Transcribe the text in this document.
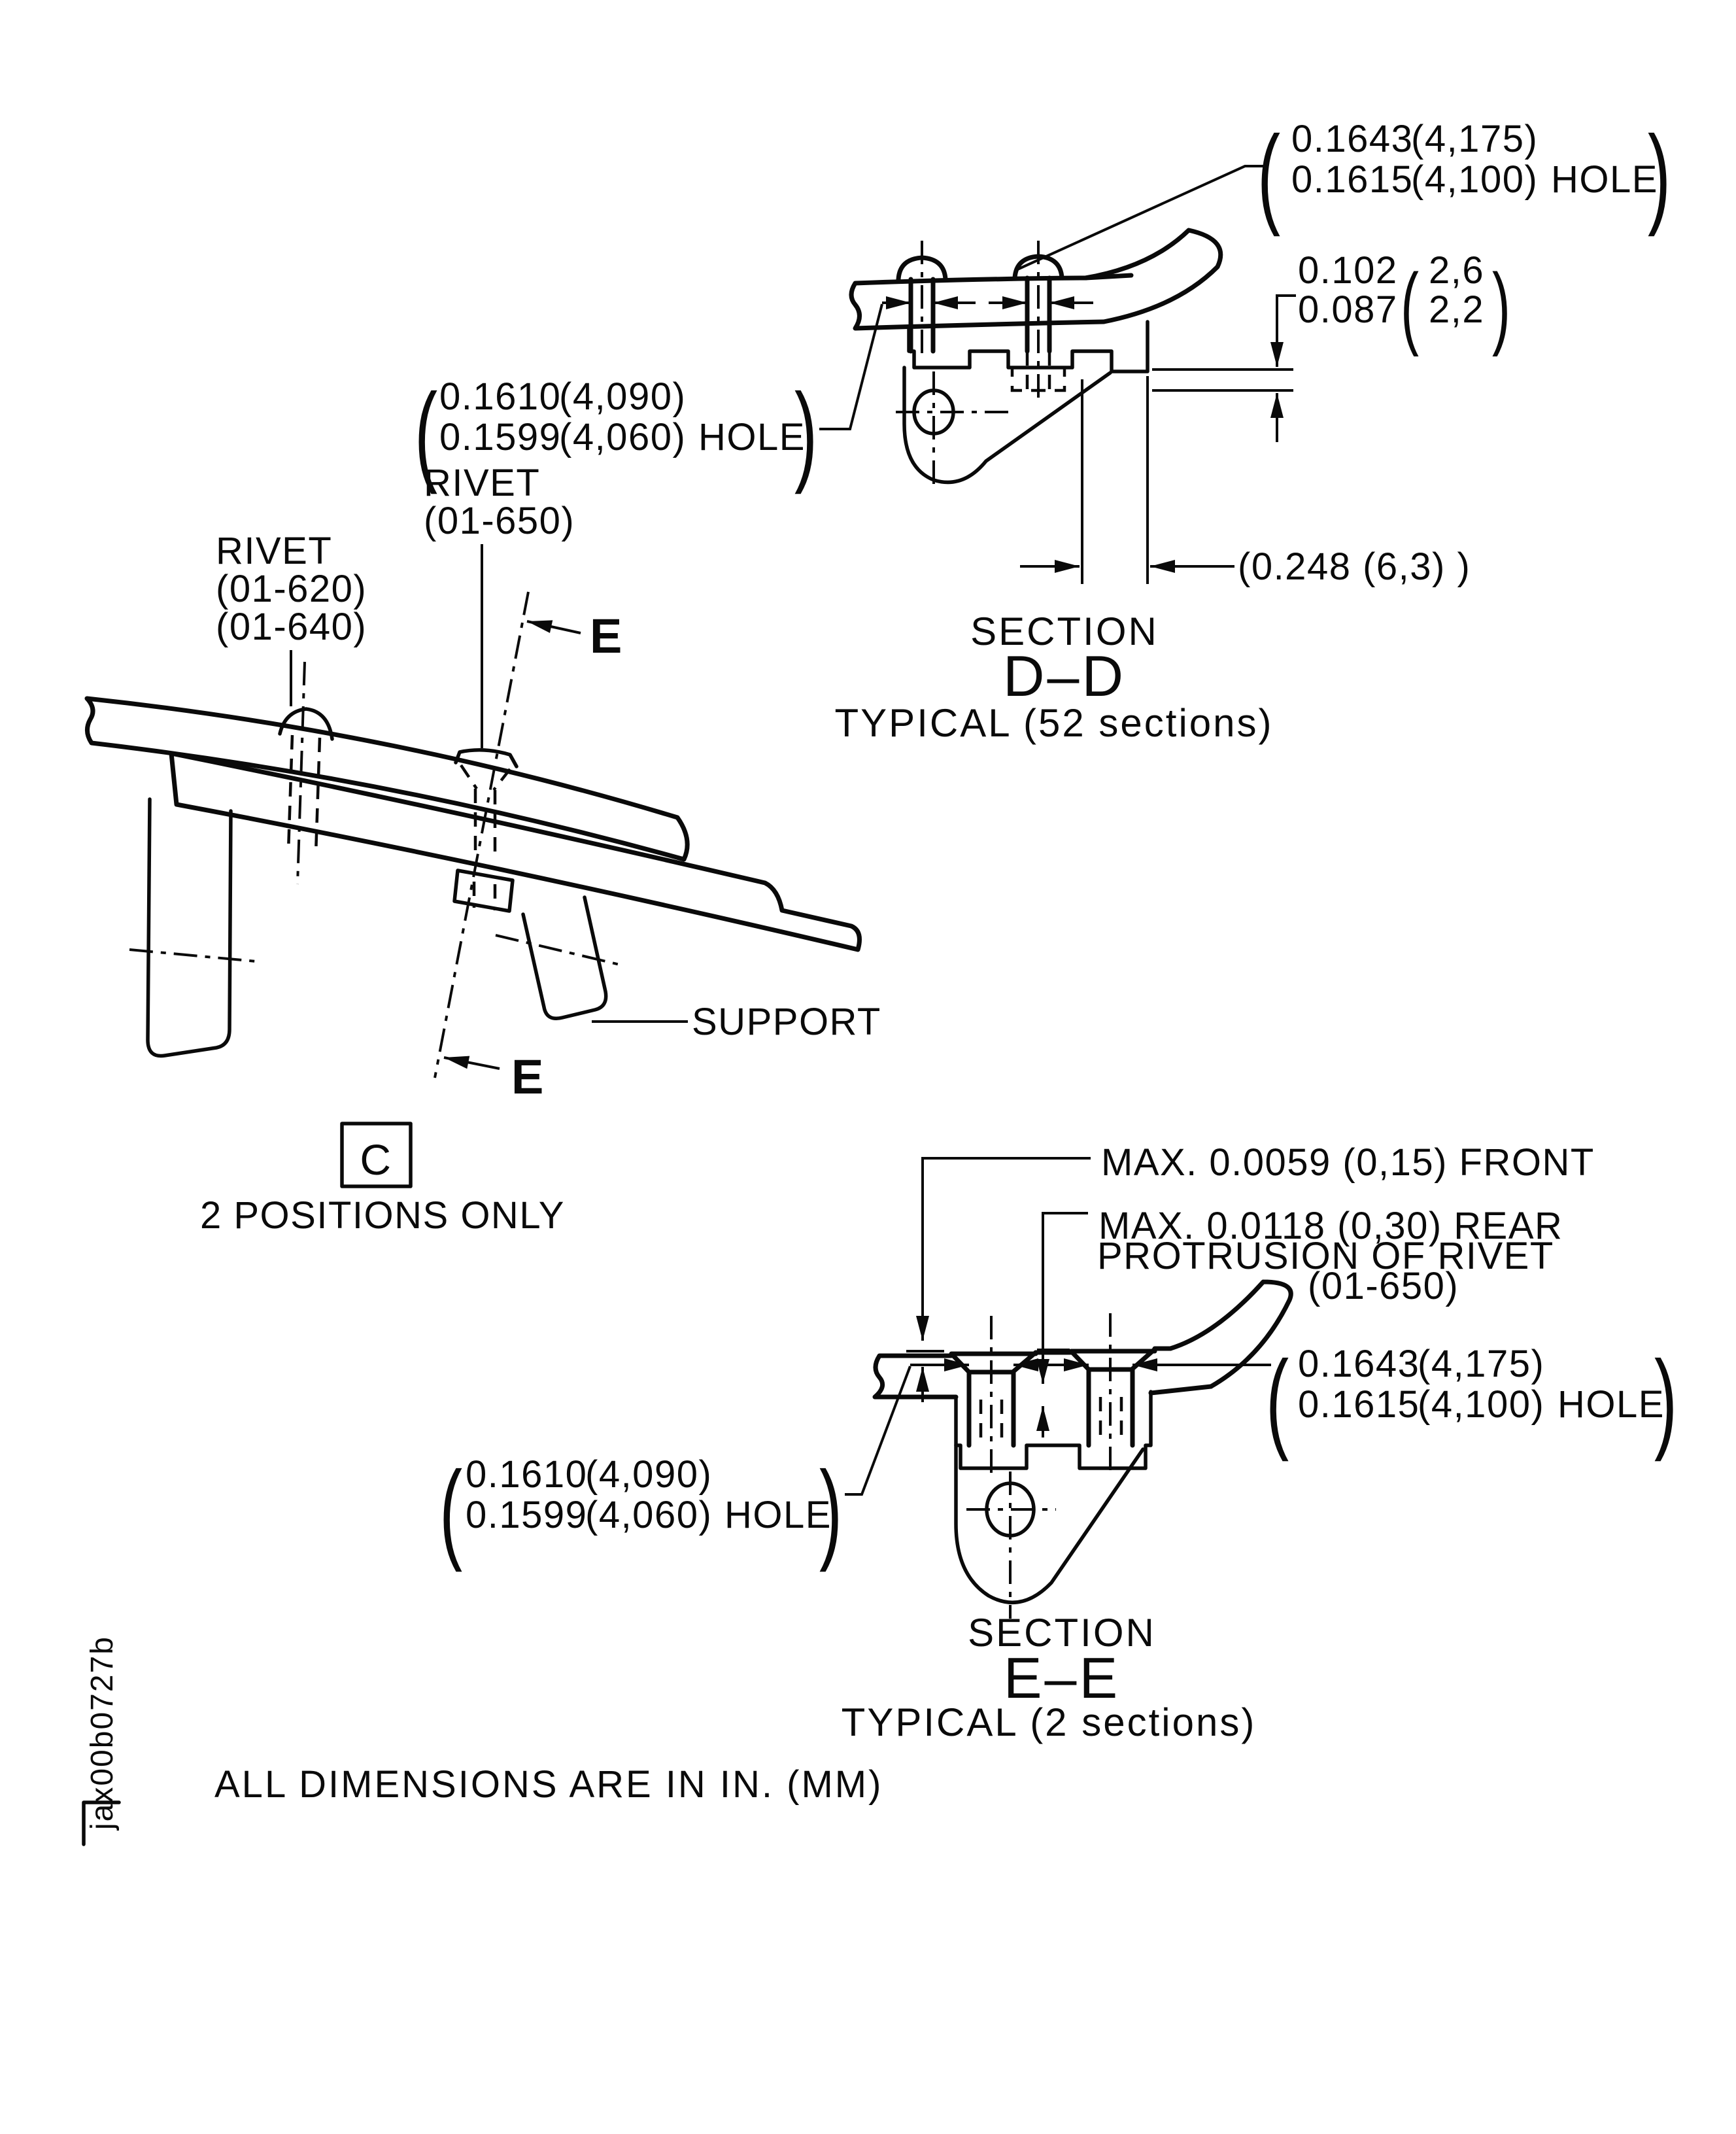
( 0.1643
(4,175)
0.1615
(4,100) HOLE
)
( 0.1610
(4,090)
0.1599
(4,060) HOLE
)
0.102
0.087 ( 2,6
2,2 )
(0.248 (6,3) )
SECTION
D–D
TYPICAL (52 sections)
E
E
RIVET
(01-620)
(01-640)
RIVET
(01-650)
SUPPORT
C
2 POSITIONS ONLY
MAX. 0.0059 (0,15) FRONT
MAX. 0.0118 (0,30) REAR
PROTRUSION OF RIVET
(01-650)
( 0.1643
(4,175)
0.1615
(4,100) HOLE
)
( 0.1610
(4,090)
0.1599
(4,060) HOLE
)
SECTION
E–E
TYPICAL (2 sections)
jax00b0727b	ALL DIMENSIONS ARE IN IN. (MM)
